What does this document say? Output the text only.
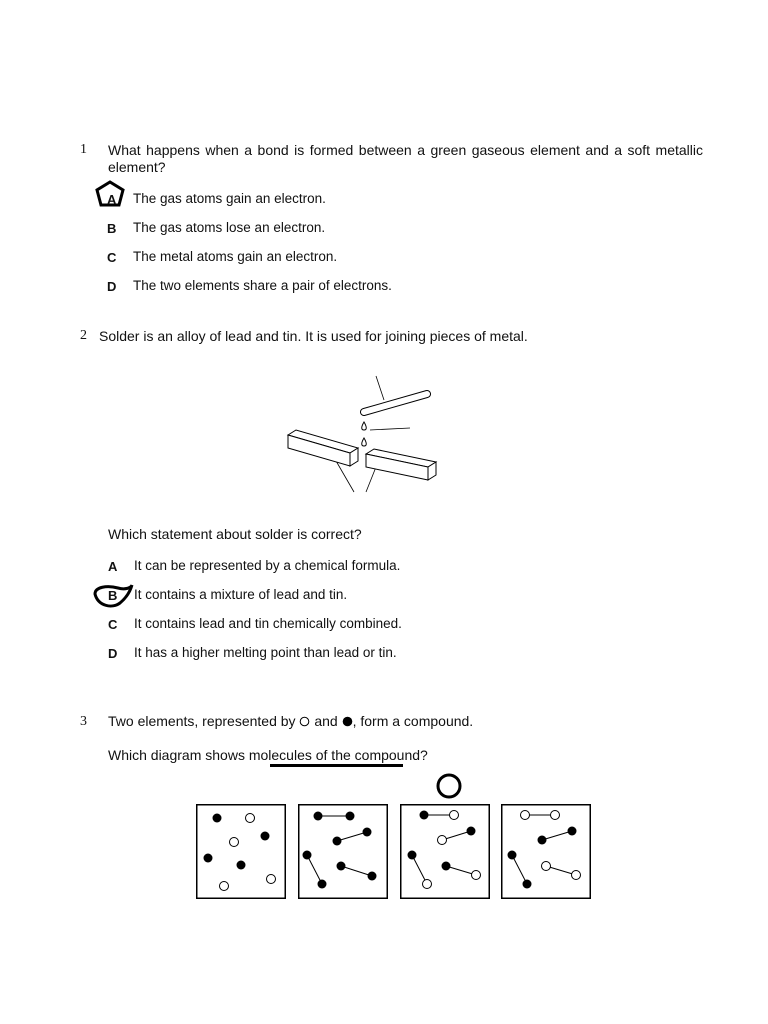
1 What happens when a bond is formed between a green gaseous element and a soft metallic
element?
A The gas atoms gain an electron.
B The gas atoms lose an electron.
C The metal atoms gain an electron.
D The two elements share a pair of electrons.
2 Solder is an alloy of lead and tin. It is used for joining pieces of metal.
Which statement about solder is correct?
A It can be represented by a chemical formula.
B It contains a mixture of lead and tin.
C It contains lead and tin chemically combined.
D It has a higher melting point than lead or tin.
3 Two elements, represented by and , form a compound.
Which diagram shows molecules of the compound?
